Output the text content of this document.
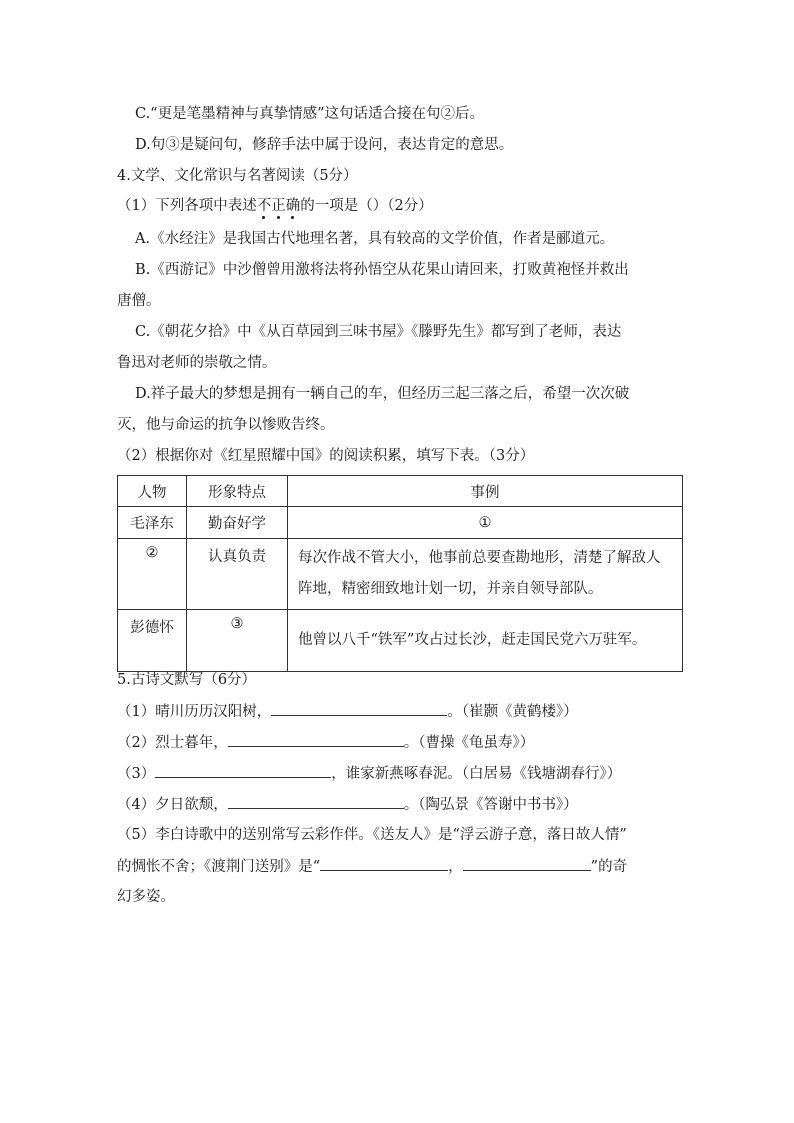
C.“更是笔墨精神与真挚情感”这句话适合接在句②后。
D.句③是疑问句，修辞手法中属于设问，表达肯定的意思。
4.文学、文化常识与名著阅读（5分）
（1）下列各项中表述不正确的一项是（）（2分）
A.《水经注》是我国古代地理名著，具有较高的文学价值，作者是郦道元。
B.《西游记》中沙僧曾用激将法将孙悟空从花果山请回来，打败黄袍怪并救出
唐僧。
C.《朝花夕拾》中《从百草园到三味书屋》《滕野先生》都写到了老师，表达
鲁迅对老师的崇敬之情。
D.祥子最大的梦想是拥有一辆自己的车，但经历三起三落之后，希望一次次破
灭，他与命运的抗争以惨败告终。
（2）根据你对《红星照耀中国》的阅读积累，填写下表。（3分）
人物	形象特点	事例
毛泽东	勤奋好学	①
②	认真负责	每次作战不管大小，他事前总要查勘地形，清楚了解敌人阵地，精密细致地计划一切，并亲自领导部队。
彭德怀	③	他曾以八千“铁军”攻占过长沙，赶走国民党六万驻军。
5.古诗文默写（6分）
（1）晴川历历汉阳树，	。（崔颢《黄鹤楼》）
（2）烈士暮年，	。（曹操《龟虽寿》）
（3）	，谁家新燕啄春泥。（白居易《钱塘湖春行》）
（4）夕日欲颓，	。（陶弘景《答谢中书书》）
（5）李白诗歌中的送别常写云彩作伴。《送友人》是“浮云游子意，落日故人情”
的惆怅不舍；《渡荆门送别》是“	，	”的奇
幻多姿。
